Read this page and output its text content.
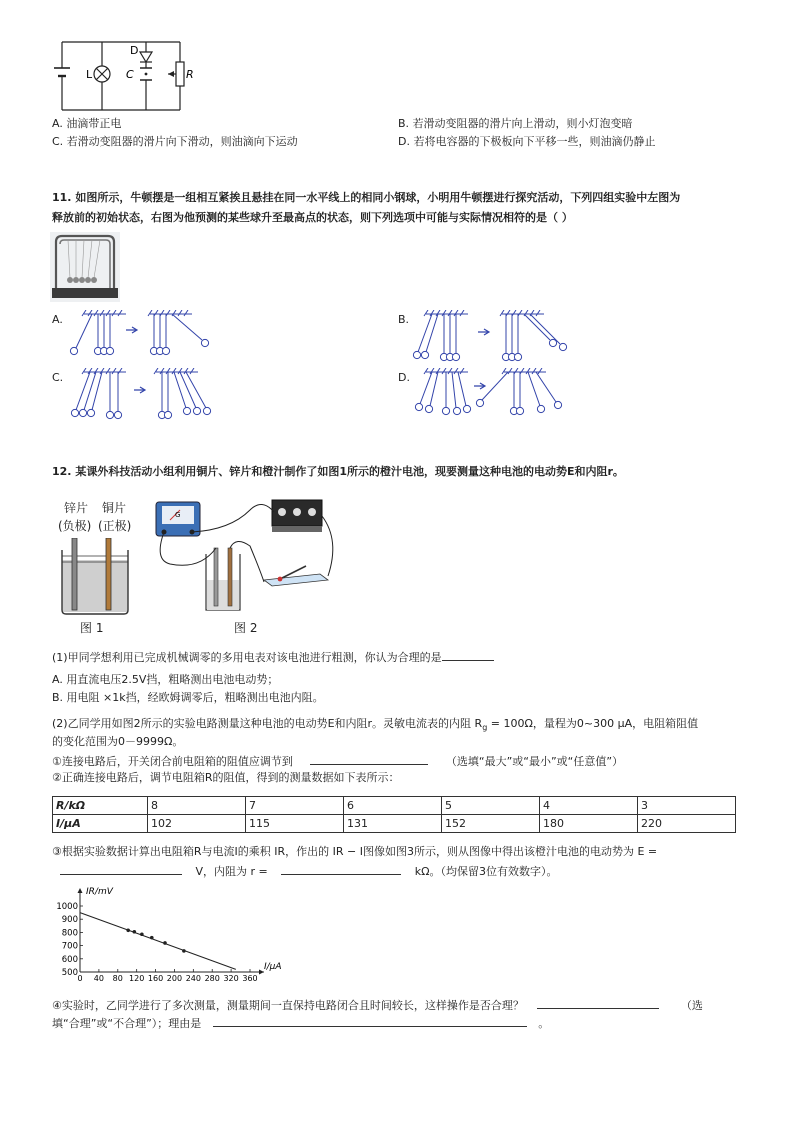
D
C
L	R
A. 油滴带正电	B. 若滑动变阻器的滑片向上滑动，则小灯泡变暗
C. 若滑动变阻器的滑片向下滑动，则油滴向下运动	D. 若将电容器的下极板向下平移一些，则油滴仍静止
11. 如图所示，牛顿摆是一组相互紧挨且悬挂在同一水平线上的相同小钢球，小明用牛顿摆进行探究活动，下列四组实验中左图为
释放前的初始状态，右图为他预测的某些球升至最高点的状态，则下列选项中可能与实际情况相符的是（ ）
A.	B.
C.	D.
12. 某课外科技活动小组利用铜片、锌片和橙汁制作了如图1所示的橙汁电池，现要测量这种电池的电动势E和内阻r。
锌片 铜片
(负极) (正极)
图 1
G
图 2
(1)甲同学想利用已完成机械调零的多用电表对该电池进行粗测，你认为合理的是
A. 用直流电压2.5V挡，粗略测出电池电动势；
B. 用电阻 ×1k挡，经欧姆调零后，粗略测出电池内阻。
(2)乙同学用如图2所示的实验电路测量这种电池的电动势E和内阻r。灵敏电流表的内阻 $R_g = 100\Omega$，量程为0~300 μA，电阻箱阻值
的变化范围为0－9999Ω。
①连接电路后，开关闭合前电阻箱的阻值应调节到	（选填“最大”或“最小”或“任意值”）
②正确连接电路后，调节电阻箱R的阻值，得到的测量数据如下表所示：
R/kΩ	8	7	6	5	4	3
I/μA	102	115	131	152	180	220
③根据实验数据计算出电阻箱R与电流I的乘积 IR，作出的 IR − I图像如图3所示，则从图像中得出该橙汁电池的电动势为 E =
V，内阻为 r =	kΩ。（均保留3位有效数字）。
IR/mV
I/μA
500
600
700
800
900
1000
0 40 80 120 160 200 240 280 320 360
④实验时，乙同学进行了多次测量，测量期间一直保持电路闭合且时间较长，这样操作是否合理？	（选
填“合理”或“不合理”）；理由是	。
